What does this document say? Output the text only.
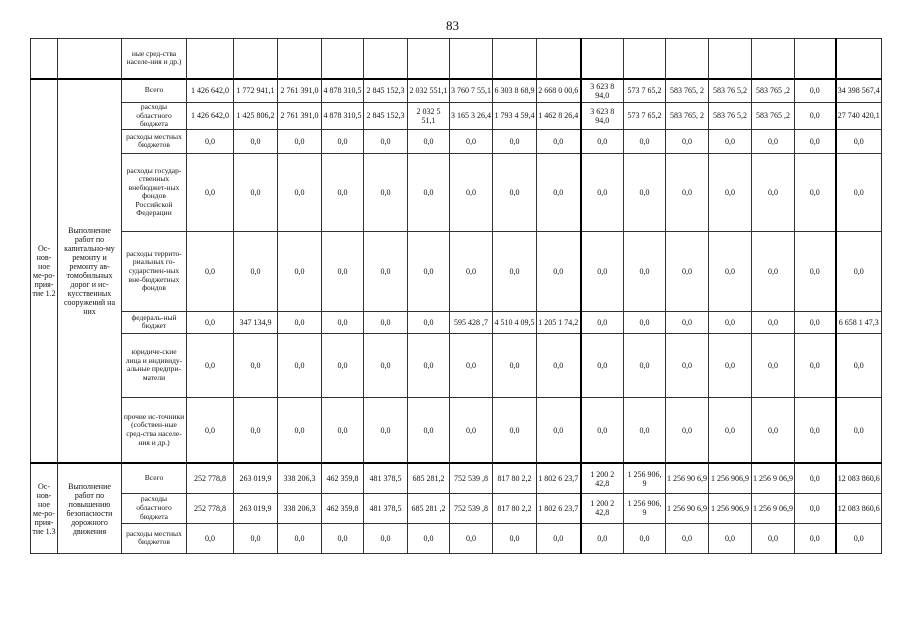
83
		ные сред-ства населе-ния и др.)																
Ос-нов-ное ме-ро-прия-тие 1.2	Выполнение работ по капитально-му ремонту и ремонту ав-томобильных дорог и ис-кусственных сооружений на них	Всего	1 426 642,0	1 772 941,1	2 761 391,0	4 878 310,5	2 845 152,3	2 032 551,1	3 760 7 55,1	6 303 8 68,9	2 668 0 00,6	3 623 8 94,0	573 7 65,2	583 765, 2	583 76 5,2	583 765 ,2	0,0	34 398 567,4
		расходы областного бюджета	1 426 642,0	1 425 806,2	2 761 391,0	4 878 310,5	2 845 152,3	2 032 5 51,1	3 165 3 26,4	1 793 4 59,4	1 462 8 26,4	3 623 8 94,0	573 7 65,2	583 765, 2	583 76 5,2	583 765 ,2	0,0	27 740 420,1
		расходы местных бюджетов	0,0	0,0	0,0	0,0	0,0	0,0	0,0	0,0	0,0	0,0	0,0	0,0	0,0	0,0	0,0	0,0
		расходы государ-ственных внебюджет-ных фондов Российской Федерации	0,0	0,0	0,0	0,0	0,0	0,0	0,0	0,0	0,0	0,0	0,0	0,0	0,0	0,0	0,0	0,0
		расходы террито-риальных го-сударствен-ных вне-бюджетных фондов	0,0	0,0	0,0	0,0	0,0	0,0	0,0	0,0	0,0	0,0	0,0	0,0	0,0	0,0	0,0	0,0
		федераль-ный бюджет	0,0	347 134,9	0,0	0,0	0,0	0,0	595 428 ,7	4 510 4 09,5	1 205 1 74,2	0,0	0,0	0,0	0,0	0,0	0,0	6 658 1 47,3
		юридиче-ские лица и индивиду-альные предпри-матели	0,0	0,0	0,0	0,0	0,0	0,0	0,0	0,0	0,0	0,0	0,0	0,0	0,0	0,0	0,0	0,0
		прочие ис-точники (собствен-ные сред-ства населе-ния и др.)	0,0	0,0	0,0	0,0	0,0	0,0	0,0	0,0	0,0	0,0	0,0	0,0	0,0	0,0	0,0	0,0
Ос-нов-ное ме-ро-прия-тие 1.3	Выполнение работ по повышению безопасности дорожного движения	Всего	252 778,8	263 019,9	338 206,3	462 359,8	481 378,5	685 281,2	752 539 ,8	817 80 2,2	1 802 6 23,7	1 200 2 42,8	1 256 906, 9	1 256 90 6,9	1 256 906,9	1 256 9 06,9	0,0	12 083 860,6
		расходы областного бюджета	252 778,8	263 019,9	338 206,3	462 359,8	481 378,5	685 281 ,2	752 539 ,8	817 80 2,2	1 802 6 23,7	1 200 2 42,8	1 256 906, 9	1 256 90 6,9	1 256 906,9	1 256 9 06,9	0,0	12 083 860,6
		расходы местных бюджетов	0,0	0,0	0,0	0,0	0,0	0,0	0,0	0,0	0,0	0,0	0,0	0,0	0,0	0,0	0,0	0,0
